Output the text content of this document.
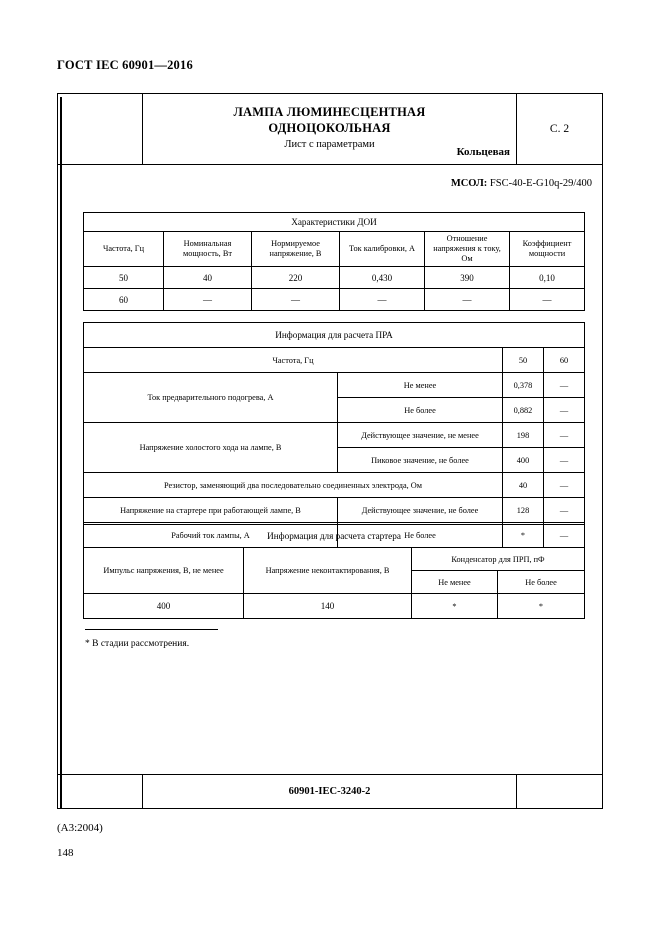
ГОСТ IEC 60901—2016
ЛАМПА ЛЮМИНЕСЦЕНТНАЯ
ОДНОЦОКОЛЬНАЯ
Лист с параметрами
Кольцевая
С. 2
МСОЛ: FSC-40-E-G10q-29/400
Характеристики ДОИ					
Частота, Гц	Номинальная мощность, Вт	Нормируемое напряжение, В	Ток калибровки, А	Отношение напряжения к току, Ом	Коэффициент мощности
50	40	220	0,430	390	0,10
60	—	—	—	—	—
Информация для расчета ПРА			
Частота, Гц		50	60
Ток предварительного подогрева, А	Не менее	0,378	—
	Не более	0,882	—
Напряжение холостого хода на лампе, В	Действующее значение, не менее	198	—
	Пиковое значение, не более	400	—
Резистор, заменяющий два последовательно соединенных электрода, Ом		40	—
Напряжение на стартере при работающей лампе, В	Действующее значение, не более	128	—
Рабочий ток лампы, А	Не более	*	—
Информация для расчета стартера			
Импульс напряжения, В, не менее	Напряжение неконтактирования, В	Конденсатор для ПРП, пФ	
		Не менее	Не более
400	140	*	*
* В стадии рассмотрения.
60901-IEC-3240-2
(A3:2004)
148
